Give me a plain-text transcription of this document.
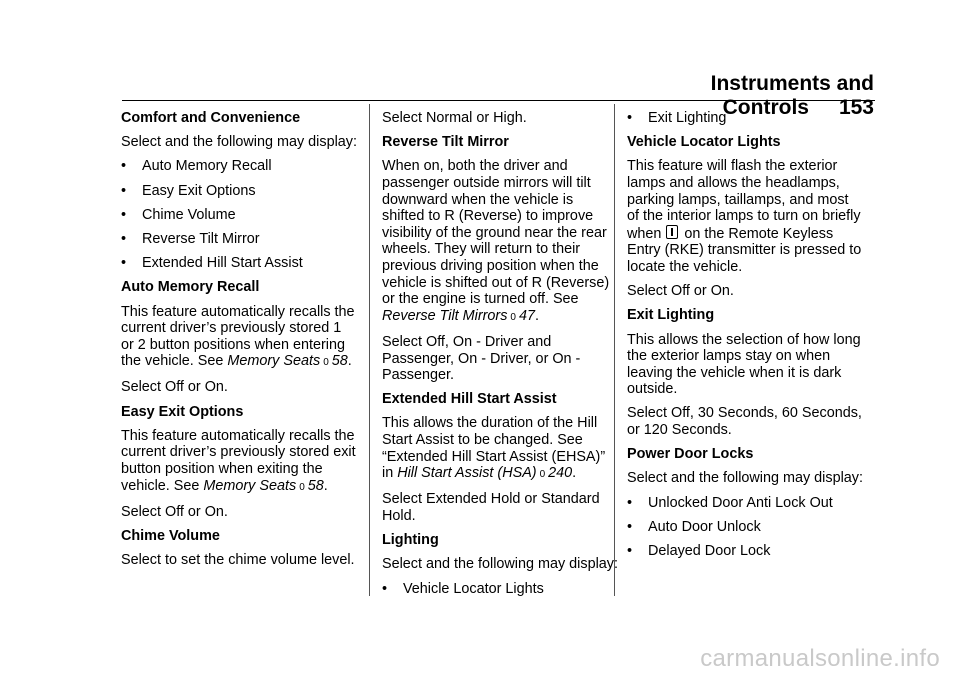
Instruments and Controls 153

Comfort and Convenience

Select and the following may display:

•	Auto Memory Recall

•	Easy Exit Options

•	Chime Volume

•	Reverse Tilt Mirror

•	Extended Hill Start Assist

Auto Memory Recall

This feature automatically recalls the current driver’s previously stored 1 or 2 button positions when entering the vehicle. See Memory Seats 0 58.

Select Off or On.

Easy Exit Options

This feature automatically recalls the current driver’s previously stored exit button position when exiting the vehicle. See Memory Seats 0 58.

Select Off or On.

Chime Volume

Select to set the chime volume level.

Select Normal or High.

Reverse Tilt Mirror

When on, both the driver and passenger outside mirrors will tilt downward when the vehicle is shifted to R (Reverse) to improve visibility of the ground near the rear wheels. They will return to their previous driving position when the vehicle is shifted out of R (Reverse) or the engine is turned off. See Reverse Tilt Mirrors 0 47.

Select Off, On - Driver and Passenger, On - Driver, or On - Passenger.

Extended Hill Start Assist

This allows the duration of the Hill Start Assist to be changed. See “Extended Hill Start Assist (EHSA)” in Hill Start Assist (HSA) 0 240.

Select Extended Hold or Standard Hold.

Lighting

Select and the following may display:

•	Vehicle Locator Lights

•	Exit Lighting

Vehicle Locator Lights

This feature will flash the exterior lamps and allows the headlamps, parking lamps, taillamps, and most of the interior lamps to turn on briefly when  on the Remote Keyless Entry (RKE) transmitter is pressed to locate the vehicle.

Select Off or On.

Exit Lighting

This allows the selection of how long the exterior lamps stay on when leaving the vehicle when it is dark outside.

Select Off, 30 Seconds, 60 Seconds, or 120 Seconds.

Power Door Locks

Select and the following may display:

•	Unlocked Door Anti Lock Out

•	Auto Door Unlock

•	Delayed Door Lock

carmanualsonline.info
